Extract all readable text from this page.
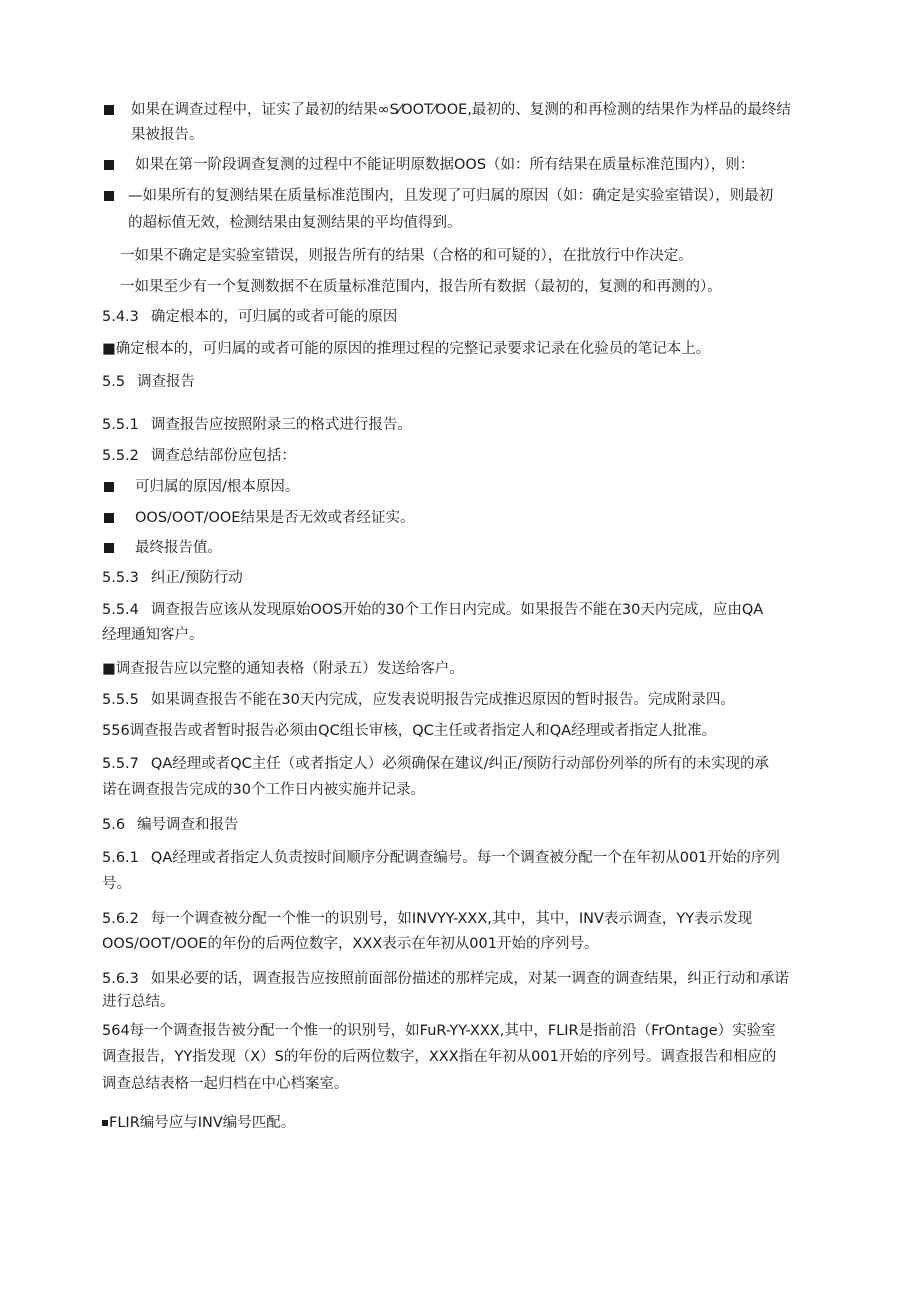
如果在调查过程中，证实了最初的结果∞S⁄OOT⁄OOE,最初的、复测的和再检测的结果作为样品的最终结
果被报告。
如果在第一阶段调查复测的过程中不能证明原数据OOS（如：所有结果在质量标准范围内），则：
—如果所有的复测结果在质量标准范围内，且发现了可归属的原因（如：确定是实验室错误），则最初
的超标值无效，检测结果由复测结果的平均值得到。
一如果不确定是实验室错误，则报告所有的结果（合格的和可疑的），在批放行中作决定。
一如果至少有一个复测数据不在质量标准范围内，报告所有数据（最初的，复测的和再测的）。
5.4.3 确定根本的，可归属的或者可能的原因
■确定根本的，可归属的或者可能的原因的推理过程的完整记录要求记录在化验员的笔记本上。
5.5 调查报告
5.5.1 调查报告应按照附录三的格式进行报告。
5.5.2 调查总结部份应包括：
可归属的原因/根本原因。
OOS/OOT/OOE结果是否无效或者经证实。
最终报告值。
5.5.3 纠正/预防行动
5.5.4 调查报告应该从发现原始OOS开始的30个工作日内完成。如果报告不能在30天内完成，应由QA
经理通知客户。
■调查报告应以完整的通知表格（附录五）发送给客户。
5.5.5 如果调查报告不能在30天内完成，应发表说明报告完成推迟原因的暂时报告。完成附录四。
556调查报告或者暂时报告必须由QC组长审核，QC主任或者指定人和QA经理或者指定人批准。
5.5.7 QA经理或者QC主任（或者指定人）必须确保在建议/纠正/预防行动部份列举的所有的未实现的承
诺在调查报告完成的30个工作日内被实施并记录。
5.6 编号调查和报告
5.6.1 QA经理或者指定人负责按时间顺序分配调查编号。每一个调查被分配一个在年初从001开始的序列
号。
5.6.2 每一个调查被分配一个惟一的识别号，如INVYY-XXX,其中，其中，INV表示调查，YY表示发现
OOS/OOT/OOE的年份的后两位数字，XXX表示在年初从001开始的序列号。
5.6.3 如果必要的话，调查报告应按照前面部份描述的那样完成，对某一调查的调查结果，纠正行动和承诺
进行总结。
564每一个调查报告被分配一个惟一的识别号，如FuR-YY-XXX,其中，FLIR是指前沿（FrOntage）实验室
调查报告，YY指发现（X）S的年份的后两位数字，XXX指在年初从001开始的序列号。调查报告和相应的
调查总结表格一起归档在中心档案室。
FLIR编号应与INV编号匹配。
